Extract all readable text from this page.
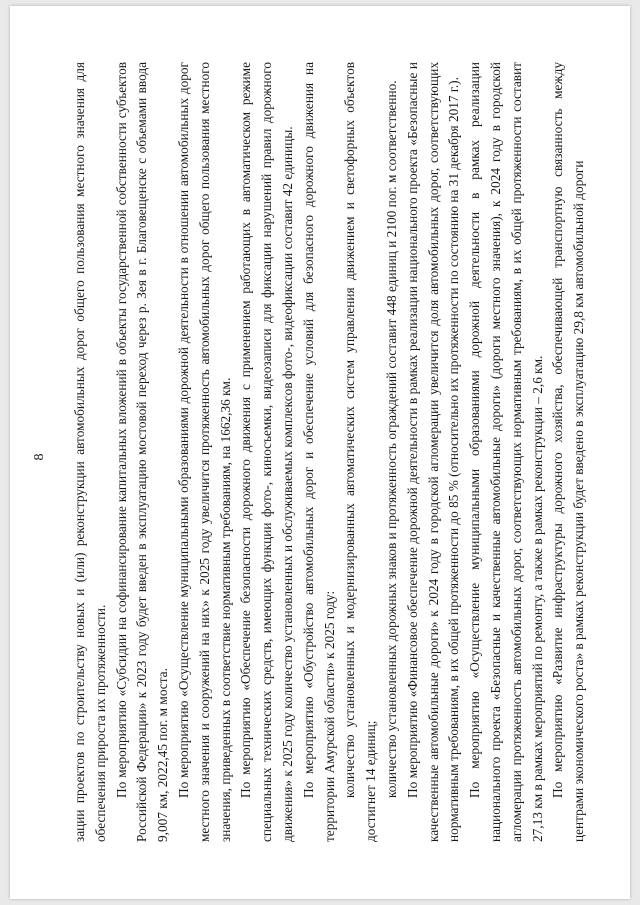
8 зации проектов по строительству новых и (или) реконструкции автомобильных дорог общего пользования местного значения для обеспечения прироста их протяженности. По мероприятию «Субсидии на софинансирование капитальных вложений в объекты государственной собственности субъектов Российской Федерации» к 2023 году будет введен в эксплуатацию мостовой переход через р. Зея в г. Благовещенске с объемами ввода 9,007 км, 2022,45 пог. м моста. По мероприятию «Осуществление муниципальными образованиями дорожной деятельности в отношении автомобильных дорог местного значения и сооружений на них» к 2025 году увеличится протяженность автомобильных дорог общего пользования местного значения, приведенных в соответствие нормативным требованиям, на 1662,36 км. По мероприятию «Обеспечение безопасности дорожного движения с применением работающих в автоматическом режиме специальных технических средств, имеющих функции фото-, киносъемки, видеозаписи для фиксации нарушений правил дорожного движения» к 2025 году количество установленных и обслуживаемых комплексов фото-, видеофиксации составит 42 единицы. По мероприятию «Обустройство автомобильных дорог и обеспечение условий для безопасного дорожного движения на территории Амурской области» к 2025 году: количество установленных и модернизированных автоматических систем управления движением и светофорных объектов достигнет 14 единиц; количество установленных дорожных знаков и протяженность ограждений составит 448 единиц и 2100 пог. м соответственно. По мероприятию «Финансовое обеспечение дорожной деятельности в рамках реализации национального проекта «Безопасные и качественные автомобильные дороги» к 2024 году в городской агломерации увеличится доля автомобильных дорог, соответствующих нормативным требованиям, в их общей протяженности до 85 % (относительно их протяженности по состоянию на 31 декабря 2017 г.). По мероприятию «Осуществление муниципальными образованиями дорожной деятельности в рамках реализации национального проекта «Безопасные и качественные автомобильные дороги» (дороги местного значения), к 2024 году в городской агломерации протяженность автомобильных дорог, соответствующих нормативным требованиям, в их общей протяженности составит 27,13 км в рамках мероприятий по ремонту, а также в рамках реконструкции – 2,6 км. По мероприятию «Развитие инфраструктуры дорожного хозяйства, обеспечивающей транспортную связанность между центрами экономического роста» в рамках реконструкции будет введено в эксплуатацию 29,8 км автомобильной дороги
